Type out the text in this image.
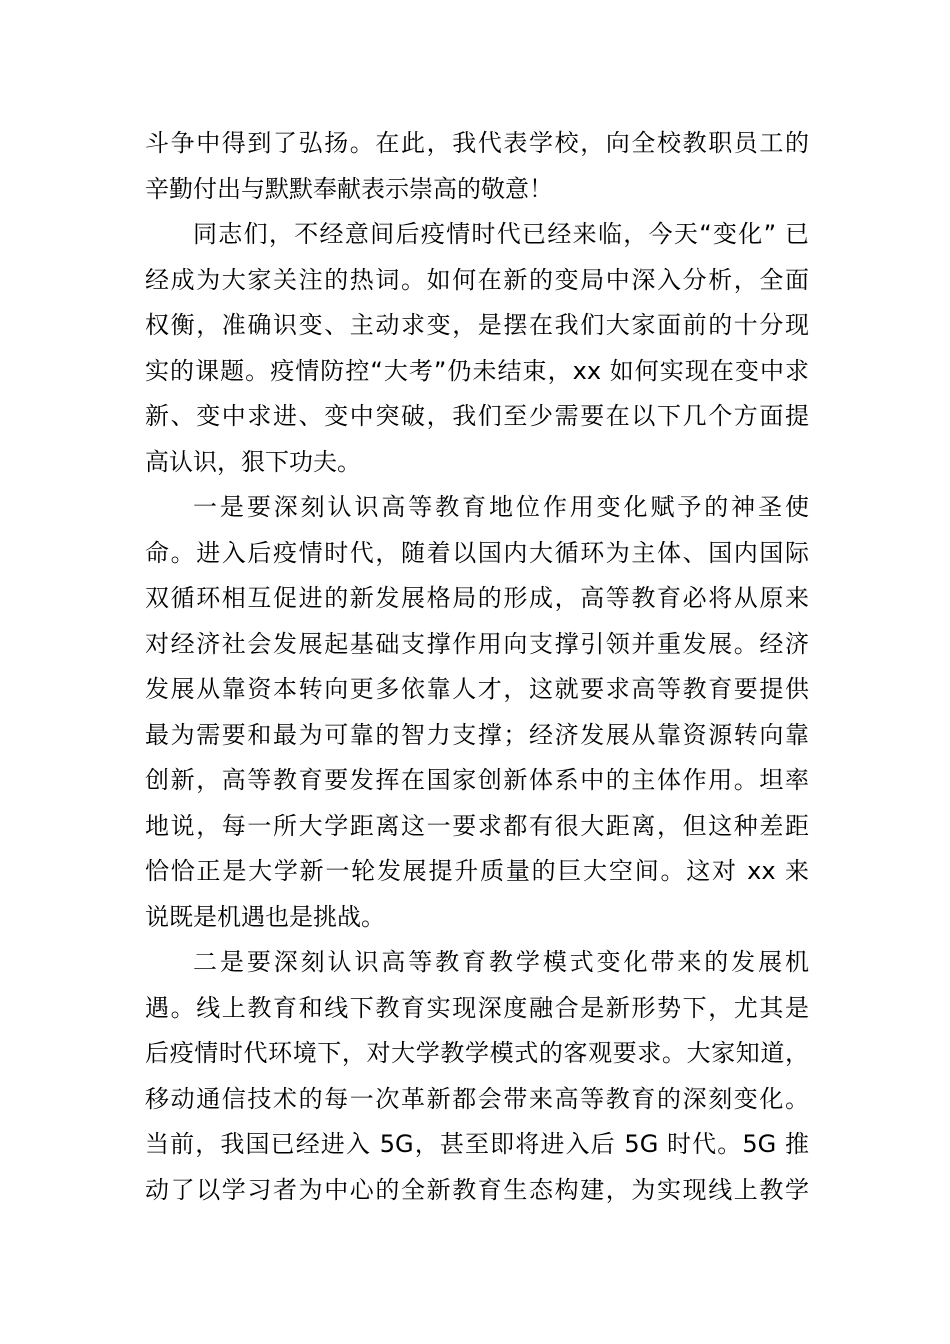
斗争中得到了弘扬。在此，我代表学校，向全校教职员工的
辛勤付出与默默奉献表示崇高的敬意！
同志们，不经意间后疫情时代已经来临，今天“变化” 已
经成为大家关注的热词。如何在新的变局中深入分析，全面
权衡，准确识变、主动求变，是摆在我们大家面前的十分现
实的课题。疫情防控“大考”仍未结束，xx 如何实现在变中求
新、变中求进、变中突破，我们至少需要在以下几个方面提
高认识，狠下功夫。
一是要深刻认识高等教育地位作用变化赋予的神圣使
命。进入后疫情时代，随着以国内大循环为主体、国内国际
双循环相互促进的新发展格局的形成，高等教育必将从原来
对经济社会发展起基础支撑作用向支撑引领并重发展。经济
发展从靠资本转向更多依靠人才，这就要求高等教育要提供
最为需要和最为可靠的智力支撑；经济发展从靠资源转向靠
创新，高等教育要发挥在国家创新体系中的主体作用。坦率
地说，每一所大学距离这一要求都有很大距离，但这种差距
恰恰正是大学新一轮发展提升质量的巨大空间。这对 xx 来
说既是机遇也是挑战。
二是要深刻认识高等教育教学模式变化带来的发展机
遇。线上教育和线下教育实现深度融合是新形势下，尤其是
后疫情时代环境下，对大学教学模式的客观要求。大家知道，
移动通信技术的每一次革新都会带来高等教育的深刻变化。
当前，我国已经进入 5G，甚至即将进入后 5G 时代。5G 推
动了以学习者为中心的全新教育生态构建，为实现线上教学
